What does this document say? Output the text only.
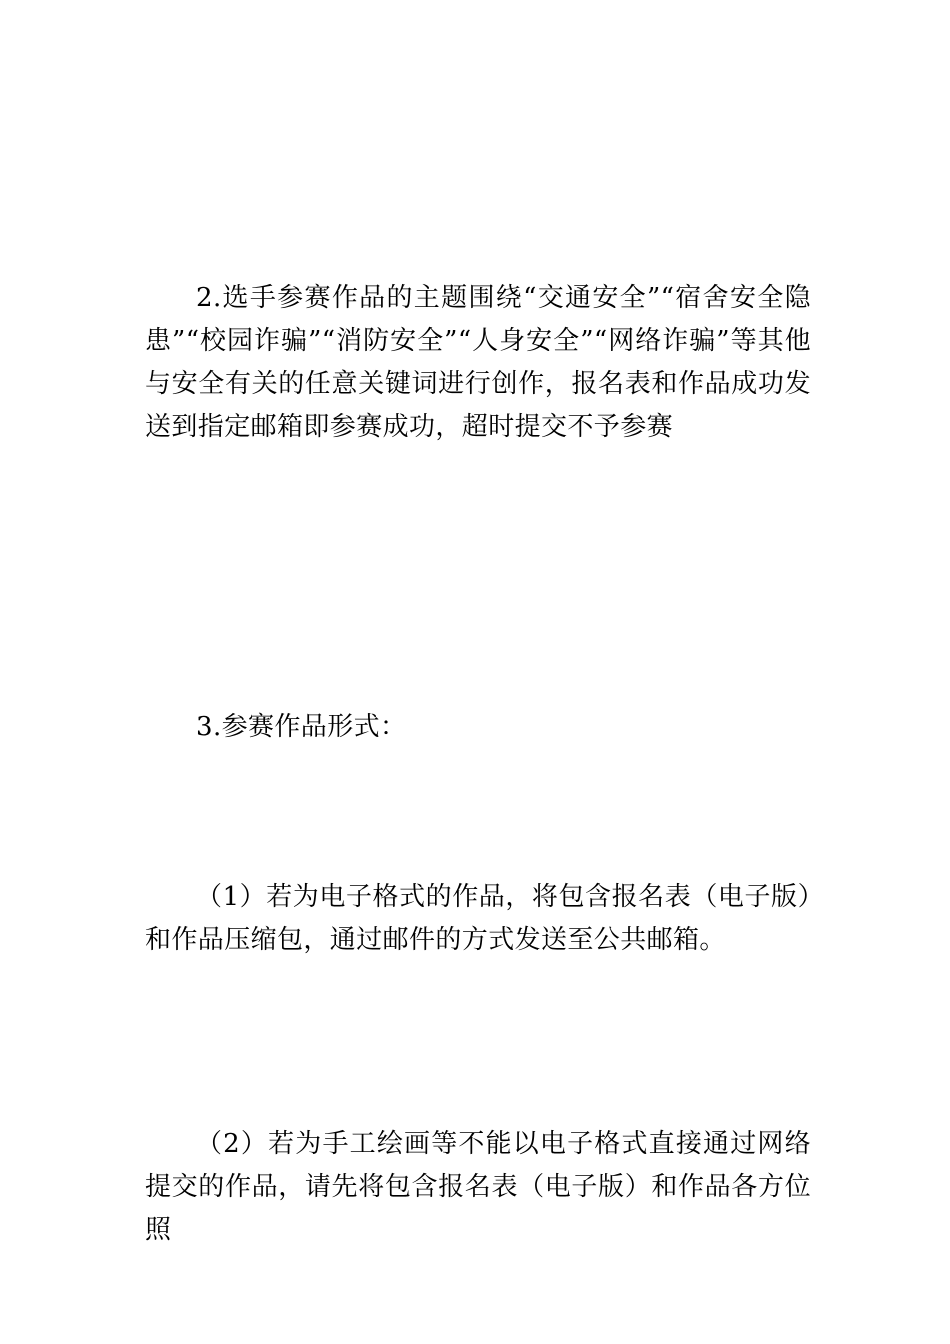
2.选手参赛作品的主题围绕“交通安全”“宿舍安全隐患”“校园诈骗”“消防安全”“人身安全”“网络诈骗”等其他与安全有关的任意关键词进行创作，报名表和作品成功发送到指定邮箱即参赛成功，超时提交不予参赛

3.参赛作品形式：

（1）若为电子格式的作品，将包含报名表（电子版）和作品压缩包，通过邮件的方式发送至公共邮箱。

（2）若为手工绘画等不能以电子格式直接通过网络提交的作品，请先将包含报名表（电子版）和作品各方位照
